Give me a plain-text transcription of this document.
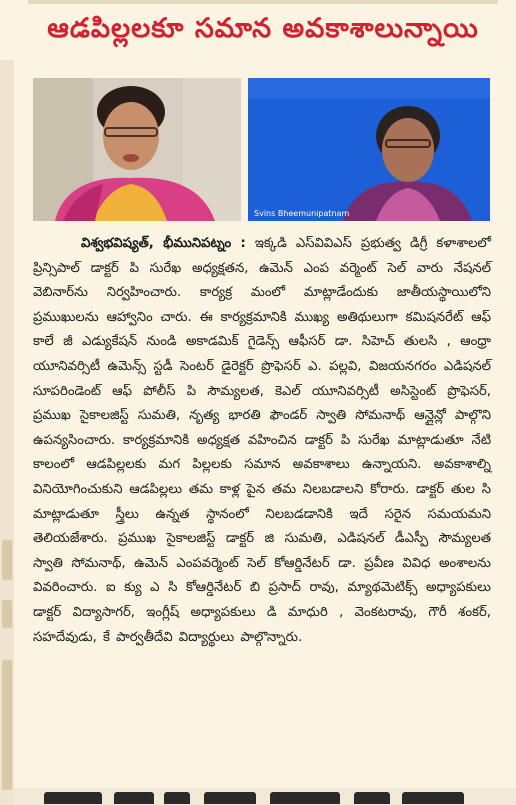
ఆడపిల్లలకూ సమాన అవకాశాలున్నాయి
Svins Bheemunipatnam
విశ్వభవిష్యత్, భీమునిపట్నం : ఇక్కడి ఎస్‌వివిఎస్ ప్రభుత్వ డిగ్రీ కళాశాలలో ప్రిన్సిపాల్ డాక్టర్ పి సురేఖ అధ్యక్షతన, ఉమెన్ ఎంప వర్మెంట్ సెల్ వారు నేషనల్ వెబినార్‌ను నిర్వహించారు. కార్యక్ర మంలో మాట్లాడేందుకు జాతీయస్థాయిలోని ప్రముఖులను ఆహ్వానిం చారు. ఈ కార్యక్రమానికి ముఖ్య అతిథులుగా కమిషనరేట్ ఆఫ్ కాలే జీ ఎడ్యుకేషన్ నుండి అకాడమిక్ గైడెన్స్ ఆఫీసర్ డా. సిహెచ్ తులసి , ఆంధ్రా యూనివర్సిటీ ఉమెన్స్ స్టడీ సెంటర్ డైరెక్టర్ ప్రొఫెసర్ ఎ. పల్లవి, విజయనగరం ఎడిషనల్ సూపరిండెంట్ ఆఫ్ పోలీస్ పి సౌమ్యలత, కెఎల్ యూనివర్సిటీ అసిస్టెంట్ ప్రొఫెసర్, ప్రముఖ సైకాలజిస్ట్ సుమతి, నృత్య భారతి ఫౌండర్ స్వాతి సోమనాథ్ ఆన్లైన్లో పాల్గొని ఉపన్యసించారు. కార్యక్రమానికి అధ్యక్షత వహించిన డాక్టర్ పి సురేఖ మాట్లాడుతూ నేటి కాలంలో ఆడపిల్లలకు మగ పిల్లలకు సమాన అవకాశాలు ఉన్నాయని. అవకాశాల్ని వినియోగించుకుని ఆడపిల్లలు తమ కాళ్ల పైన తమ నిలబడాలని కోరారు. డాక్టర్ తుల సి మాట్లాడుతూ స్త్రీలు ఉన్నత స్థానంలో నిలబడడానికి ఇదే సరైన సమయమని తెలియజేశారు. ప్రముఖ సైకాలజిస్ట్ డాక్టర్ జి సుమతి, ఎడిషనల్ డీఎస్పీ సౌమ్యలత స్వాతి సోమనాథ్, ఉమెన్ ఎంపవర్మెంట్ సెల్ కోఆర్డినేటర్ డా. ప్రవీణ వివిధ అంశాలను వివరించారు. ఐ క్యు ఎ సి కోఆర్డినేటర్ బి ప్రసాద్ రావు, మ్యాథమెటిక్స్ అధ్యాపకులు డాక్టర్ విద్యాసాగర్, ఇంగ్లీష్ అధ్యాపకులు డి మాధురి , వెంకటరావు, గౌరీ శంకర్, సహదేవుడు, కే పార్వతీదేవి విద్యార్థులు పాల్గొన్నారు.
